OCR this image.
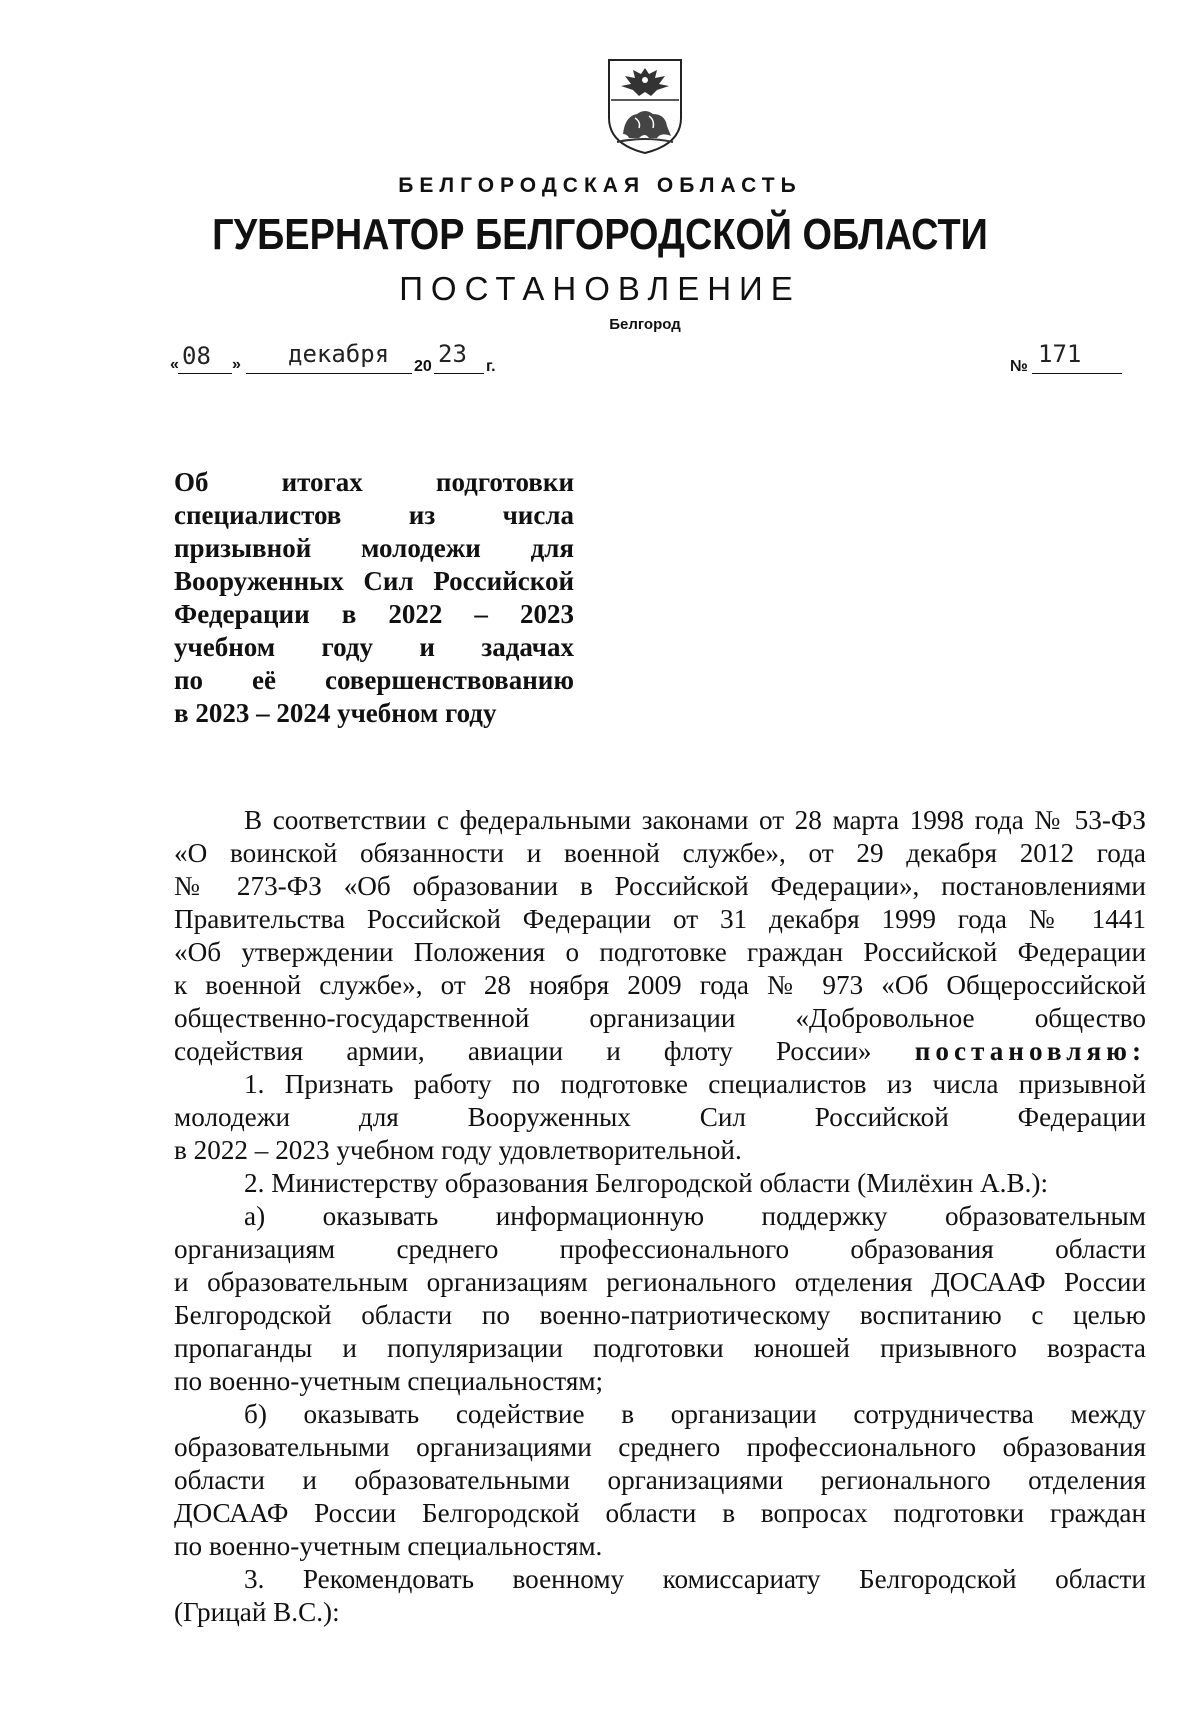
БЕЛГОРОДСКАЯ ОБЛАСТЬ
ГУБЕРНАТОР БЕЛГОРОДСКОЙ ОБЛАСТИ
ПОСТАНОВЛЕНИЕ
Белгород
« 08 » декабря 20 23 г.	№ 171
Об итогах подготовки
специалистов из числа
призывной молодежи для
Вооруженных Сил Российской
Федерации в 2022 – 2023
учебном году и задачах
по её совершенствованию
в 2023 – 2024 учебном году
В соответствии с федеральными законами от 28 марта 1998 года № 53-ФЗ
«О воинской обязанности и военной службе», от 29 декабря 2012 года
№ 273-ФЗ «Об образовании в Российской Федерации», постановлениями
Правительства Российской Федерации от 31 декабря 1999 года № 1441
«Об утверждении Положения о подготовке граждан Российской Федерации
к военной службе», от 28 ноября 2009 года № 973 «Об Общероссийской
общественно-государственной организации «Добровольное общество
содействия армии, авиации и флоту России» постановляю:
1. Признать работу по подготовке специалистов из числа призывной
молодежи для Вооруженных Сил Российской Федерации
в 2022 – 2023 учебном году удовлетворительной.
2. Министерству образования Белгородской области (Милёхин А.В.):
а) оказывать информационную поддержку образовательным
организациям среднего профессионального образования области
и образовательным организациям регионального отделения ДОСААФ России
Белгородской области по военно-патриотическому воспитанию с целью
пропаганды и популяризации подготовки юношей призывного возраста
по военно-учетным специальностям;
б) оказывать содействие в организации сотрудничества между
образовательными организациями среднего профессионального образования
области и образовательными организациями регионального отделения
ДОСААФ России Белгородской области в вопросах подготовки граждан
по военно-учетным специальностям.
3. Рекомендовать военному комиссариату Белгородской области
(Грицай В.С.):
